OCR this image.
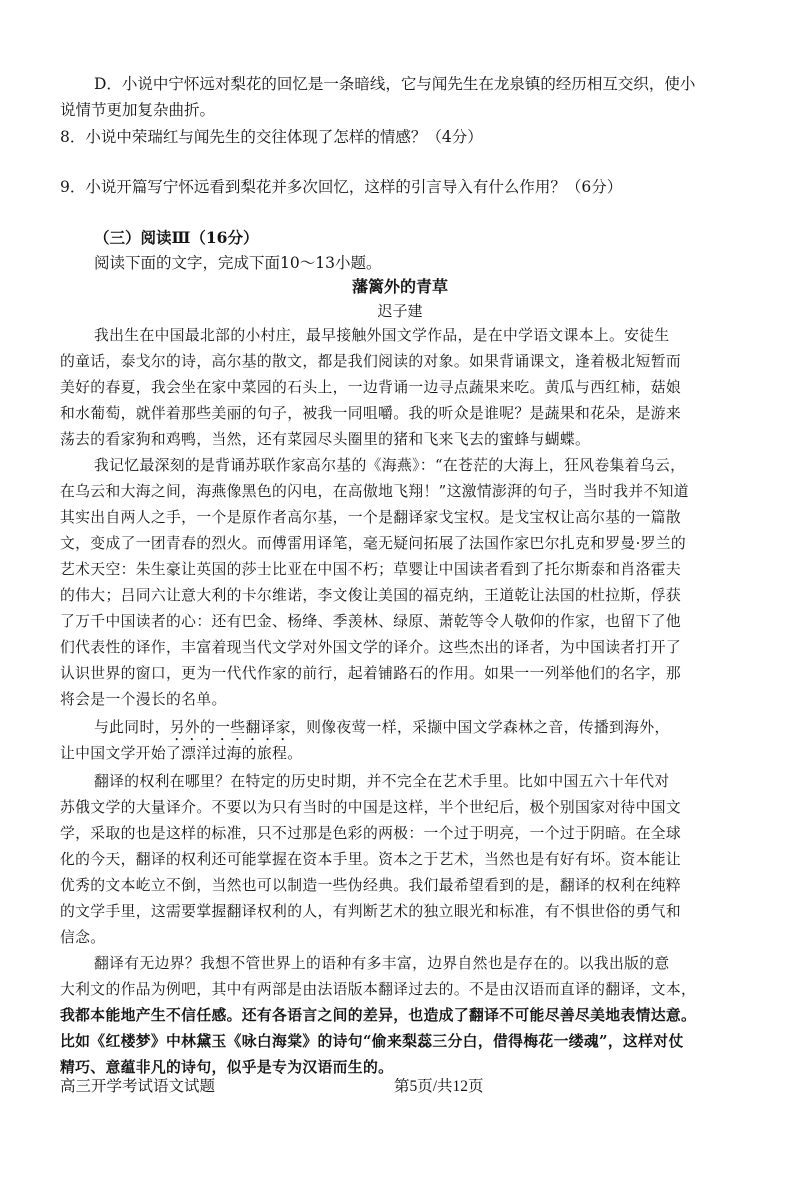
D．小说中宁怀远对梨花的回忆是一条暗线，它与闻先生在龙泉镇的经历相互交织，使小
说情节更加复杂曲折。
8．小说中荣瑞红与闻先生的交往体现了怎样的情感？（4分）
9．小说开篇写宁怀远看到梨花并多次回忆，这样的引言导入有什么作用？（6分）
（三）阅读Ⅲ（16分）
阅读下面的文字，完成下面10～13小题。
藩篱外的青草
迟子建
我出生在中国最北部的小村庄，最早接触外国文学作品，是在中学语文课本上。安徒生
的童话，泰戈尔的诗，高尔基的散文，都是我们阅读的对象。如果背诵课文，逢着极北短暂而
美好的春夏，我会坐在家中菜园的石头上，一边背诵一边寻点蔬果来吃。黄瓜与西红柿，菇娘
和水葡萄，就伴着那些美丽的句子，被我一同咀嚼。我的听众是谁呢？是蔬果和花朵，是游来
荡去的看家狗和鸡鸭，当然，还有菜园尽头圈里的猪和飞来飞去的蜜蜂与蝴蝶。
我记忆最深刻的是背诵苏联作家高尔基的《海燕》：“在苍茫的大海上，狂风卷集着乌云，
在乌云和大海之间，海燕像黑色的闪电，在高傲地飞翔！”这激情澎湃的句子，当时我并不知道
其实出自两人之手，一个是原作者高尔基，一个是翻译家戈宝权。是戈宝权让高尔基的一篇散
文，变成了一团青春的烈火。而傅雷用译笔，毫无疑问拓展了法国作家巴尔扎克和罗曼·罗兰的
艺术天空：朱生豪让英国的莎士比亚在中国不朽；草婴让中国读者看到了托尔斯泰和肖洛霍夫
的伟大；吕同六让意大利的卡尔维诺，李文俊让美国的福克纳，王道乾让法国的杜拉斯，俘获
了万千中国读者的心：还有巴金、杨绛、季羡林、绿原、萧乾等令人敬仰的作家，也留下了他
们代表性的译作，丰富着现当代文学对外国文学的译介。这些杰出的译者，为中国读者打开了
认识世界的窗口，更为一代代作家的前行，起着铺路石的作用。如果一一列举他们的名字，那
将会是一个漫长的名单。
与此同时，另外的一些翻译家，则像夜莺一样，采撷中国文学森林之音，传播到海外，
让中国文学开始了漂洋过海的旅程。
翻译的权利在哪里？在特定的历史时期，并不完全在艺术手里。比如中国五六十年代对
苏俄文学的大量译介。不要以为只有当时的中国是这样，半个世纪后，极个别国家对待中国文
学，采取的也是这样的标准，只不过那是色彩的两极：一个过于明亮，一个过于阴暗。在全球
化的今天，翻译的权利还可能掌握在资本手里。资本之于艺术，当然也是有好有坏。资本能让
优秀的文本屹立不倒，当然也可以制造一些伪经典。我们最希望看到的是，翻译的权利在纯粹
的文学手里，这需要掌握翻译权利的人，有判断艺术的独立眼光和标准，有不惧世俗的勇气和
信念。
翻译有无边界？我想不管世界上的语种有多丰富，边界自然也是存在的。以我出版的意
大利文的作品为例吧，其中有两部是由法语版本翻译过去的。不是由汉语而直译的翻译，文本，
我都本能地产生不信任感。还有各语言之间的差异，也造成了翻译不可能尽善尽美地表情达意。
比如《红楼梦》中林黛玉《咏白海棠》的诗句“偷来梨蕊三分白，借得梅花一缕魂”，这样对仗
精巧、意蕴非凡的诗句，似乎是专为汉语而生的。
高三开学考试语文试题	第5页/共12页
